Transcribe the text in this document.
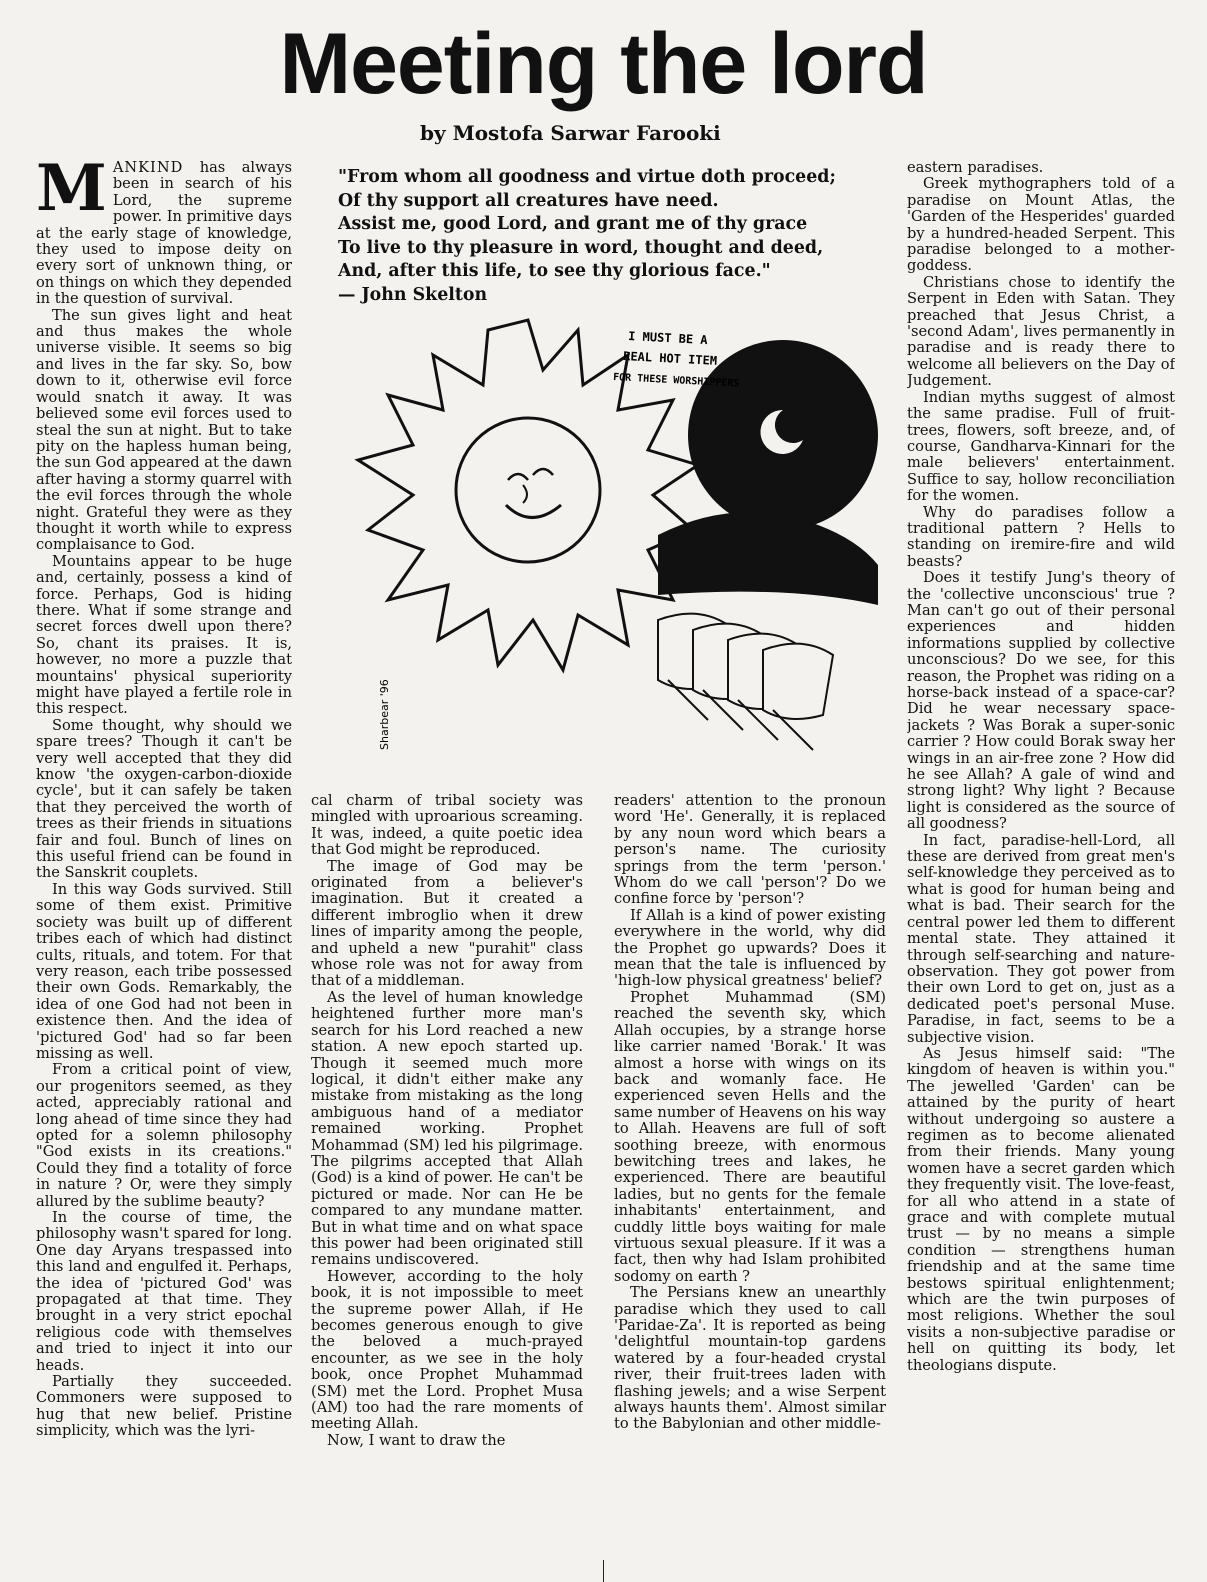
Meeting the lord

by Mostofa Sarwar Farooki

MANKIND has always been in search of his Lord, the supreme power. In primitive days at the early stage of knowledge, they used to impose deity on every sort of unknown thing, or on things on which they depended in the question of survival.

The sun gives light and heat and thus makes the whole universe visible. It seems so big and lives in the far sky. So, bow down to it, otherwise evil force would snatch it away. It was believed some evil forces used to steal the sun at night. But to take pity on the hapless human being, the sun God appeared at the dawn after having a stormy quarrel with the evil forces through the whole night. Grateful they were as they thought it worth while to express complaisance to God.

Mountains appear to be huge and, certainly, possess a kind of force. Perhaps, God is hiding there. What if some strange and secret forces dwell upon there? So, chant its praises. It is, however, no more a puzzle that mountains' physical superiority might have played a fertile role in this respect.

Some thought, why should we spare trees? Though it can't be very well accepted that they did know 'the oxygen-carbon-dioxide cycle', but it can safely be taken that they perceived the worth of trees as their friends in situations fair and foul. Bunch of lines on this useful friend can be found in the Sanskrit couplets.

In this way Gods survived. Still some of them exist. Primitive society was built up of different tribes each of which had distinct cults, rituals, and totem. For that very reason, each tribe possessed their own Gods. Remarkably, the idea of one God had not been in existence then. And the idea of 'pictured God' had so far been missing as well.

From a critical point of view, our progenitors seemed, as they acted, appreciably rational and long ahead of time since they had opted for a solemn philosophy "God exists in its creations." Could they find a totality of force in nature ? Or, were they simply allured by the sublime beauty?

In the course of time, the philosophy wasn't spared for long. One day Aryans trespassed into this land and engulfed it. Perhaps, the idea of 'pictured God' was propagated at that time. They brought in a very strict epochal religious code with themselves and tried to inject it into our heads.

Partially they succeeded. Commoners were supposed to hug that new belief. Pristine simplicity, which was the lyri-

"From whom all goodness and virtue doth proceed;
Of thy support all creatures have need.
Assist me, good Lord, and grant me of thy grace
To live to thy pleasure in word, thought and deed,
And, after this life, to see thy glorious face."
— John Skelton
I MUST BE A
REAL HOT ITEM
FOR THESE WORSHIPPERS
Sharbear '96

cal charm of tribal society was mingled with uproarious screaming. It was, indeed, a quite poetic idea that God might be reproduced.

The image of God may be originated from a believer's imagination. But it created a different imbroglio when it drew lines of imparity among the people, and upheld a new "purahit" class whose role was not for away from that of a middleman.

As the level of human knowledge heightened further more man's search for his Lord reached a new station. A new epoch started up. Though it seemed much more logical, it didn't either make any mistake from mistaking as the long ambiguous hand of a mediator remained working. Prophet Mohammad (SM) led his pilgrimage. The pilgrims accepted that Allah (God) is a kind of power. He can't be pictured or made. Nor can He be compared to any mundane matter. But in what time and on what space this power had been originated still remains undiscovered.

However, according to the holy book, it is not impossible to meet the supreme power Allah, if He becomes generous enough to give the beloved a much-prayed encounter, as we see in the holy book, once Prophet Muhammad (SM) met the Lord. Prophet Musa (AM) too had the rare moments of meeting Allah.

Now, I want to draw the

readers' attention to the pronoun word 'He'. Generally, it is replaced by any noun word which bears a person's name. The curiosity springs from the term 'person.' Whom do we call 'person'? Do we confine force by 'person'?

If Allah is a kind of power existing everywhere in the world, why did the Prophet go upwards? Does it mean that the tale is influenced by 'high-low physical greatness' belief?

Prophet Muhammad (SM) reached the seventh sky, which Allah occupies, by a strange horse like carrier named 'Borak.' It was almost a horse with wings on its back and womanly face. He experienced seven Hells and the same number of Heavens on his way to Allah. Heavens are full of soft soothing breeze, with enormous bewitching trees and lakes, he experienced. There are beautiful ladies, but no gents for the female inhabitants' entertainment, and cuddly little boys waiting for male virtuous sexual pleasure. If it was a fact, then why had Islam prohibited sodomy on earth ?

The Persians knew an unearthly paradise which they used to call 'Paridae-Za'. It is reported as being 'delightful mountain-top gardens watered by a four-headed crystal river, their fruit-trees laden with flashing jewels; and a wise Serpent always haunts them'. Almost similar to the Babylonian and other middle-

eastern paradises.

Greek mythographers told of a paradise on Mount Atlas, the 'Garden of the Hesperides' guarded by a hundred-headed Serpent. This paradise belonged to a mother-goddess.

Christians chose to identify the Serpent in Eden with Satan. They preached that Jesus Christ, a 'second Adam', lives permanently in paradise and is ready there to welcome all believers on the Day of Judgement.

Indian myths suggest of almost the same pradise. Full of fruit-trees, flowers, soft breeze, and, of course, Gandharva-Kinnari for the male believers' entertainment. Suffice to say, hollow reconciliation for the women.

Why do paradises follow a traditional pattern ? Hells to standing on iremire-fire and wild beasts?

Does it testify Jung's theory of the 'collective unconscious' true ? Man can't go out of their personal experiences and hidden informations supplied by collective unconscious? Do we see, for this reason, the Prophet was riding on a horse-back instead of a space-car? Did he wear necessary space-jackets ? Was Borak a super-sonic carrier ? How could Borak sway her wings in an air-free zone ? How did he see Allah? A gale of wind and strong light? Why light ? Because light is considered as the source of all goodness?

In fact, paradise-hell-Lord, all these are derived from great men's self-knowledge they perceived as to what is good for human being and what is bad. Their search for the central power led them to different mental state. They attained it through self-searching and nature-observation. They got power from their own Lord to get on, just as a dedicated poet's personal Muse. Paradise, in fact, seems to be a subjective vision.

As Jesus himself said: "The kingdom of heaven is within you." The jewelled 'Garden' can be attained by the purity of heart without undergoing so austere a regimen as to become alienated from their friends. Many young women have a secret garden which they frequently visit. The love-feast, for all who attend in a state of grace and with complete mutual trust — by no means a simple condition — strengthens human friendship and at the same time bestows spiritual enlightenment; which are the twin purposes of most religions. Whether the soul visits a non-subjective paradise or hell on quitting its body, let theologians dispute.
